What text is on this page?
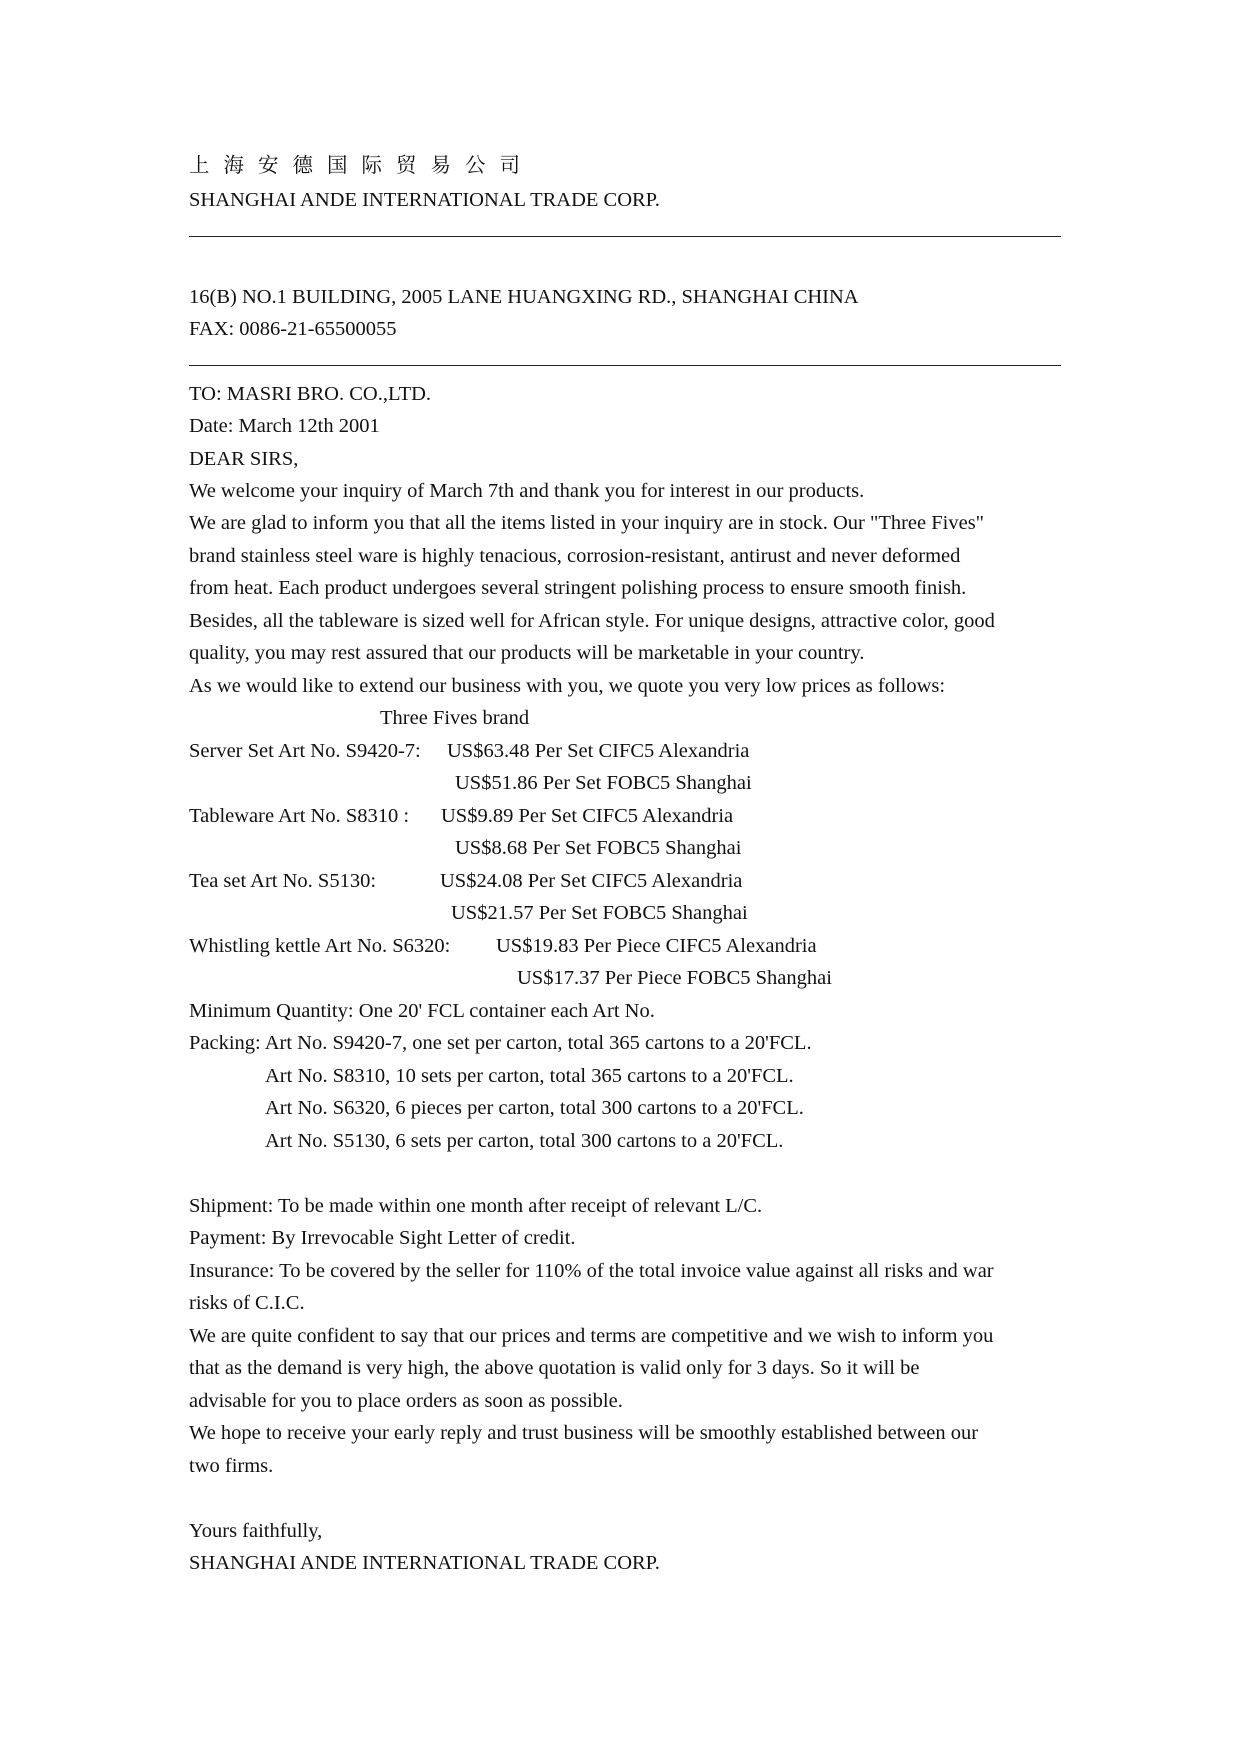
上海安德国际贸易公司
SHANGHAI ANDE INTERNATIONAL TRADE CORP.
16(B) NO.1 BUILDING, 2005 LANE HUANGXING RD., SHANGHAI CHINA
FAX: 0086-21-65500055
TO: MASRI BRO. CO.,LTD.
Date: March 12th 2001
DEAR SIRS,
We welcome your inquiry of March 7th and thank you for interest in our products.
We are glad to inform you that all the items listed in your inquiry are in stock. Our "Three Fives"
brand stainless steel ware is highly tenacious, corrosion-resistant, antirust and never deformed
from heat. Each product undergoes several stringent polishing process to ensure smooth finish.
Besides, all the tableware is sized well for African style. For unique designs, attractive color, good
quality, you may rest assured that our products will be marketable in your country.
As we would like to extend our business with you, we quote you very low prices as follows:
Three Fives brand
Server Set Art No. S9420-7: US$63.48 Per Set CIFC5 Alexandria
US$51.86 Per Set FOBC5 Shanghai
Tableware Art No. S8310 : US$9.89 Per Set CIFC5 Alexandria
US$8.68 Per Set FOBC5 Shanghai
Tea set Art No. S5130:	US$24.08 Per Set CIFC5 Alexandria
US$21.57 Per Set FOBC5 Shanghai
Whistling kettle Art No. S6320: US$19.83 Per Piece CIFC5 Alexandria
US$17.37 Per Piece FOBC5 Shanghai
Minimum Quantity: One 20' FCL container each Art No.
Packing: Art No. S9420-7, one set per carton, total 365 cartons to a 20'FCL.
Art No. S8310, 10 sets per carton, total 365 cartons to a 20'FCL.
Art No. S6320, 6 pieces per carton, total 300 cartons to a 20'FCL.
Art No. S5130, 6 sets per carton, total 300 cartons to a 20'FCL.
Shipment: To be made within one month after receipt of relevant L/C.
Payment: By Irrevocable Sight Letter of credit.
Insurance: To be covered by the seller for 110% of the total invoice value against all risks and war
risks of C.I.C.
We are quite confident to say that our prices and terms are competitive and we wish to inform you
that as the demand is very high, the above quotation is valid only for 3 days. So it will be
advisable for you to place orders as soon as possible.
We hope to receive your early reply and trust business will be smoothly established between our
two firms.
Yours faithfully,
SHANGHAI ANDE INTERNATIONAL TRADE CORP.
